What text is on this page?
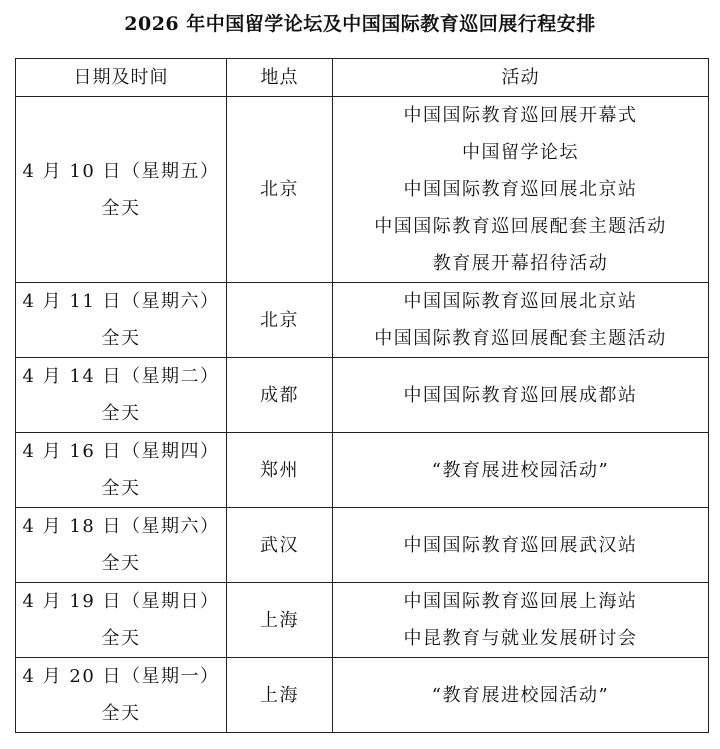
2026 年中国留学论坛及中国国际教育巡回展行程安排
日期及时间	地点	活动

4 月 10 日（星期五）
全天	北京	中国国际教育巡回展开幕式
中国留学论坛
中国国际教育巡回展北京站
中国国际教育巡回展配套主题活动
教育展开幕招待活动

4 月 11 日（星期六）
全天	北京	中国国际教育巡回展北京站
中国国际教育巡回展配套主题活动

4 月 14 日（星期二）
全天	成都	中国国际教育巡回展成都站

4 月 16 日（星期四）
全天	郑州	“教育展进校园活动”

4 月 18 日（星期六）
全天	武汉	中国国际教育巡回展武汉站

4 月 19 日（星期日）
全天	上海	中国国际教育巡回展上海站
中昆教育与就业发展研讨会

4 月 20 日（星期一）
全天	上海	“教育展进校园活动”
